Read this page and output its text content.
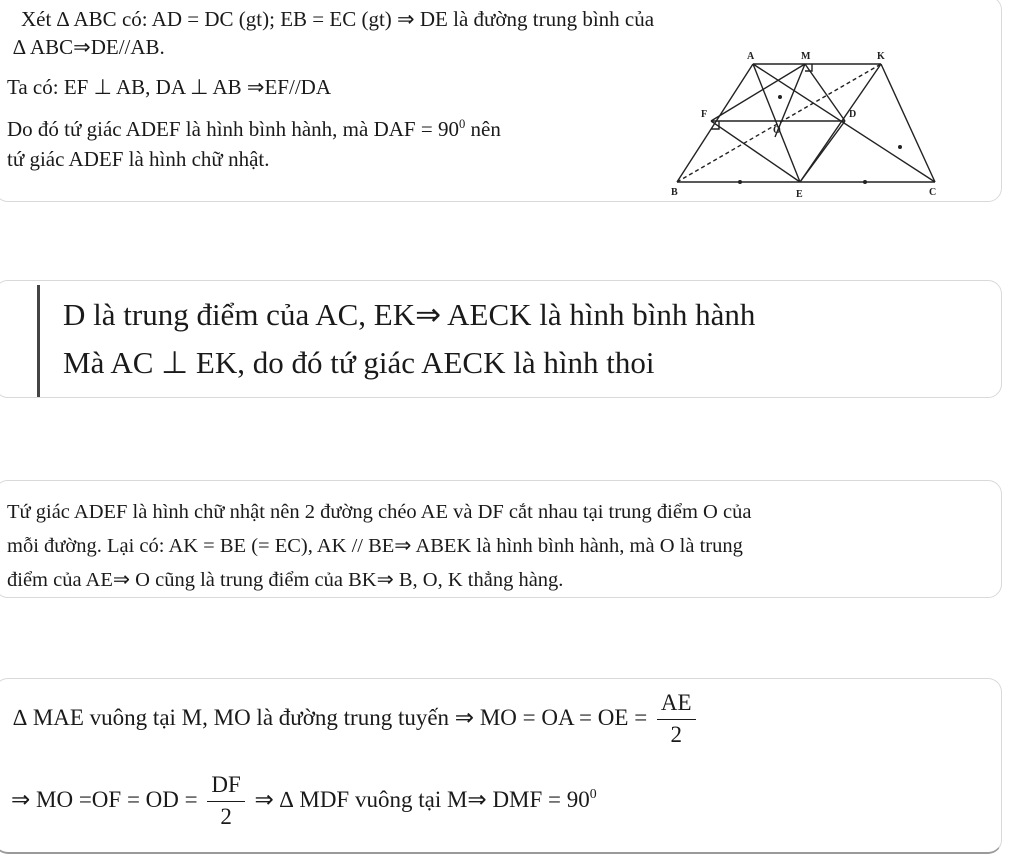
Xét ∆ ABC có: AD = DC (gt); EB = EC (gt) ⇒ DE là đường trung bình của
∆ ABC⇒DE//AB.
Ta có: EF ⊥ AB, DA ⊥ AB ⇒EF//DA
Do đó tứ giác ADEF là hình bình hành, mà DAF = $90^0$ nên
tứ giác ADEF là hình chữ nhật.
A	M	K
F
O
D
B	E	C
D là trung điểm của AC, EK⇒ AECK là hình bình hành
Mà AC ⊥ EK, do đó tứ giác AECK là hình thoi
Tứ giác ADEF là hình chữ nhật nên 2 đường chéo AE và DF cắt nhau tại trung điểm O của
mỗi đường. Lại có: AK = BE (= EC), AK // BE⇒ ABEK là hình bình hành, mà O là trung
điểm của AE⇒ O cũng là trung điểm của BK⇒ B, O, K thẳng hàng.
∆ MAE vuông tại M, MO là đường trung tuyến ⇒ MO = OA = OE = $\frac{AE}{2}$
⇒ MO =OF = OD = $\frac{DF}{2}$ ⇒ ∆ MDF vuông tại M⇒ DMF = $90^0$
